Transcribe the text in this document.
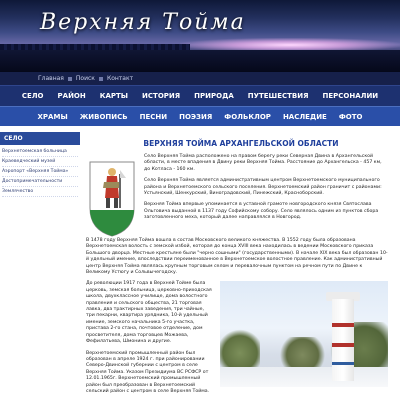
Верхняя Тойма
Главная Поиск Контакт
СЕЛО РАЙОН КАРТЫ ИСТОРИЯ ПРИРОДА ПУТЕШЕСТВИЯ ПЕРСОНАЛИИ
ХРАМЫ ЖИВОПИСЬ ПЕСНИ ПОЭЗИЯ ФОЛЬКЛОР НАСЛЕДИЕ ФОТО
СЕЛО
Верхнетоемская больница
Краеведческий музей
Аэропорт «Верхняя Тойма»
Достопримечательности
Землячество
ВЕРХНЯЯ ТОЙМА АРХАНГЕЛЬСКОЙ ОБЛАСТИ

Село Верхняя Тойма расположено на правом берегу реки Северная Двина в Архангельской области, в месте впадения в Двину реки Верхняя Тойма. Расстояние до Архангельска - 457 км, до Котласа - 160 км.

Село Верхняя Тойма является административным центром Верхнетоемского муниципального района и Верхнетоемского сельского поселения. Верхнетоемский район граничит с районами: Устьянский, Шенкурский, Виноградовский, Пинежский, Красноборский.

Верхняя Тойма впервые упоминается в уставной грамоте новгородского князя Святослава Ольговича выданной в 1137 году Софийскому собору. Село являлось одним из пунктов сбора заготовленного меха, который далее направлялся в Новгород.

В 1478 году Верхняя Тойма вошла в состав Московского великого княжества. В 1552 году была образована Верхнетоемская волость с земской избой, которая до конца XVIII века находилась в ведении Московского приказа Большого дворца. Местные крестьяне были "черно сошными" (государственными). В начале XIX века был образован 10-й удельный имение, впоследствии переименованное в Верхнетоемское волостное правление. Как административный центр Верхняя Тойма являлась крупным торговым селом и перевалочным пунктом на речном пути по Двине к Великому Устюгу и Сольвычегодску.

До революции 1917 года в Верхней Тойме была церковь, земская больница, церковно-приходская школа, двухклассное училище, дома волостного правления и сельского общества, 21 торговая лавка, два трактирных заведения, три чайные, три пекарни, квартира урядника, 10-й удельный имение, земского начальника 5-го участка, пристава 2-го стана, почтовое отделение, дом просветителя, дома торговцев Можаева, Фефилатьева, Шмонина и другие.

Верхнетоемский промышленный район был образован в апреле 1924 г. при районировании Северо-Двинской губернии с центром в селе Верхняя Тойма. Указом Президиума ВС РСФСР от 12.01.1965г. Верхнетоемский промышленный район был преобразован в Верхнетоемский сельский район с центром в селе Верхняя Тойма.
